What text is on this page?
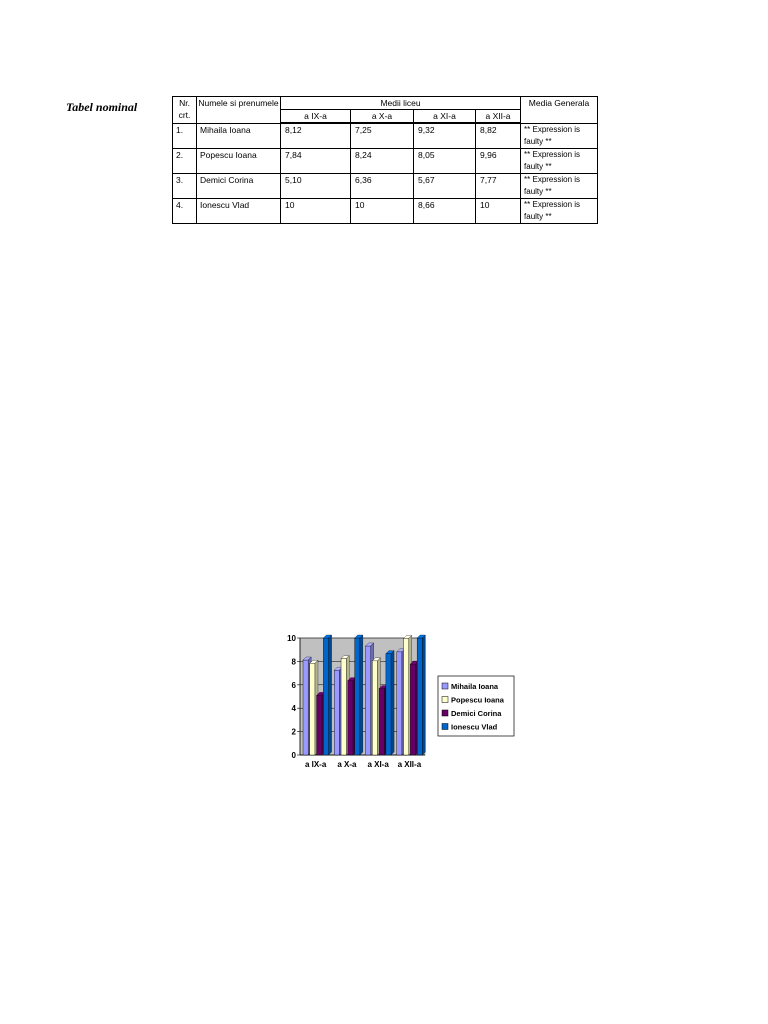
Tabel nominal	Nr. crt.	Numele si prenumele	Medii liceu				Media Generala
		a IX-a	a X-a	a XI-a	a XII-a	
1.	Mihaila Ioana	8,12	7,25	9,32	8,82	** Expression is faulty **
2.	Popescu Ioana	7,84	8,24	8,05	9,96	** Expression is faulty **
3.	Demici Corina	5,10	6,36	5,67	7,77	** Expression is faulty **
4.	Ionescu Vlad	10	10	8,66	10	** Expression is faulty **
0
2
4
6
8
10
a IX-a a X-a a XI-a a XII-a
Mihaila Ioana
Popescu Ioana
Demici Corina
Ionescu Vlad
